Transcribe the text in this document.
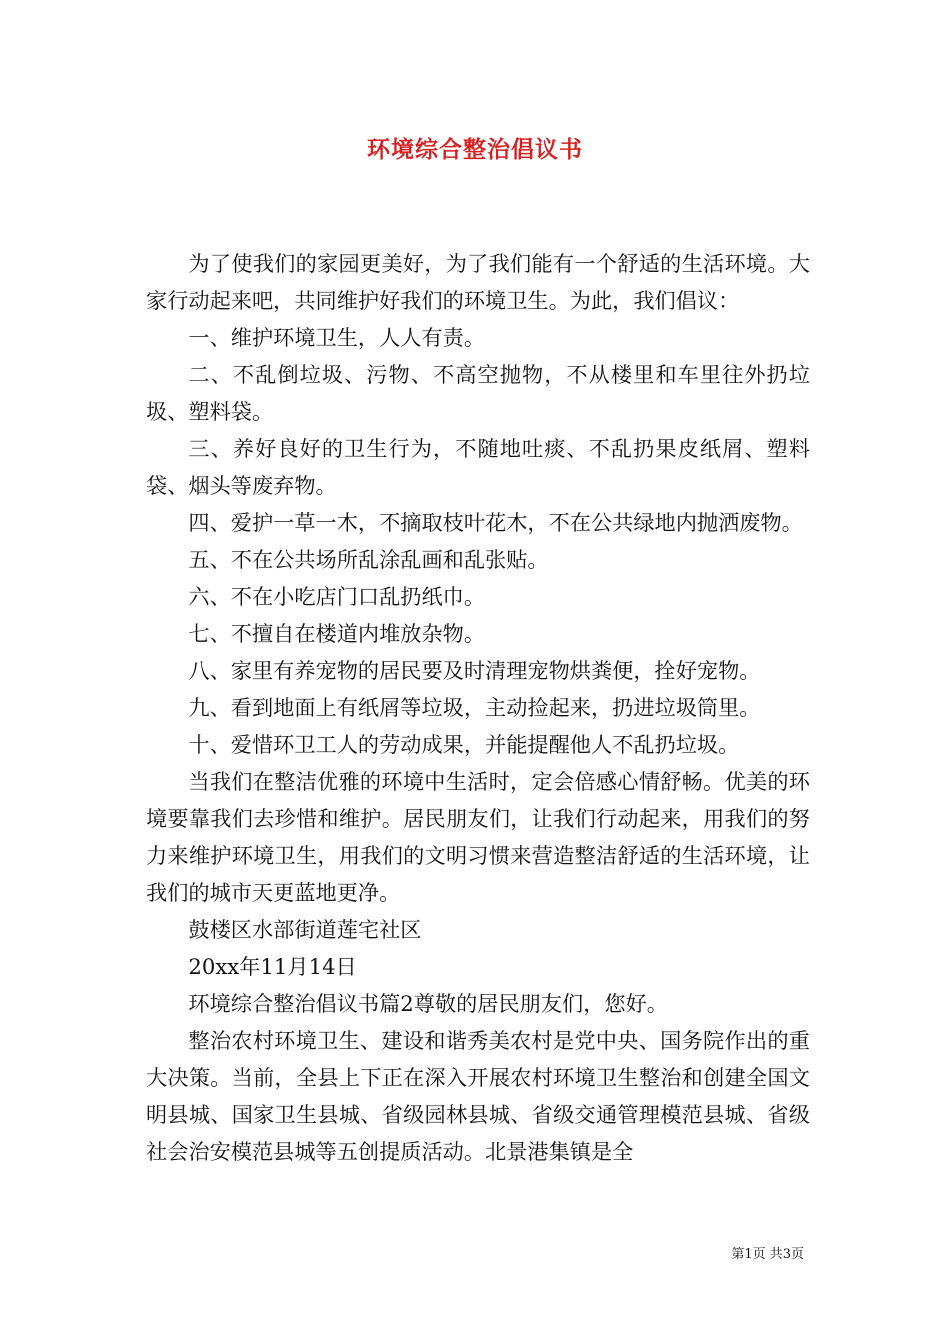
环境综合整治倡议书

为了使我们的家园更美好，为了我们能有一个舒适的生活环境。大家行动起来吧，共同维护好我们的环境卫生。为此，我们倡议：

一、维护环境卫生，人人有责。

二、不乱倒垃圾、污物、不高空抛物，不从楼里和车里往外扔垃圾、塑料袋。

三、养好良好的卫生行为，不随地吐痰、不乱扔果皮纸屑、塑料袋、烟头等废弃物。

四、爱护一草一木，不摘取枝叶花木，不在公共绿地内抛洒废物。

五、不在公共场所乱涂乱画和乱张贴。

六、不在小吃店门口乱扔纸巾。

七、不擅自在楼道内堆放杂物。

八、家里有养宠物的居民要及时清理宠物烘粪便，拴好宠物。

九、看到地面上有纸屑等垃圾，主动捡起来，扔进垃圾筒里。

十、爱惜环卫工人的劳动成果，并能提醒他人不乱扔垃圾。

当我们在整洁优雅的环境中生活时，定会倍感心情舒畅。优美的环境要靠我们去珍惜和维护。居民朋友们，让我们行动起来，用我们的努力来维护环境卫生，用我们的文明习惯来营造整洁舒适的生活环境，让我们的城市天更蓝地更净。

鼓楼区水部街道莲宅社区

20xx年11月14日

环境综合整治倡议书篇2尊敬的居民朋友们，您好。

整治农村环境卫生、建设和谐秀美农村是党中央、国务院作出的重大决策。当前，全县上下正在深入开展农村环境卫生整治和创建全国文明县城、国家卫生县城、省级园林县城、省级交通管理模范县城、省级社会治安模范县城等五创提质活动。北景港集镇是全

第1页 共3页
